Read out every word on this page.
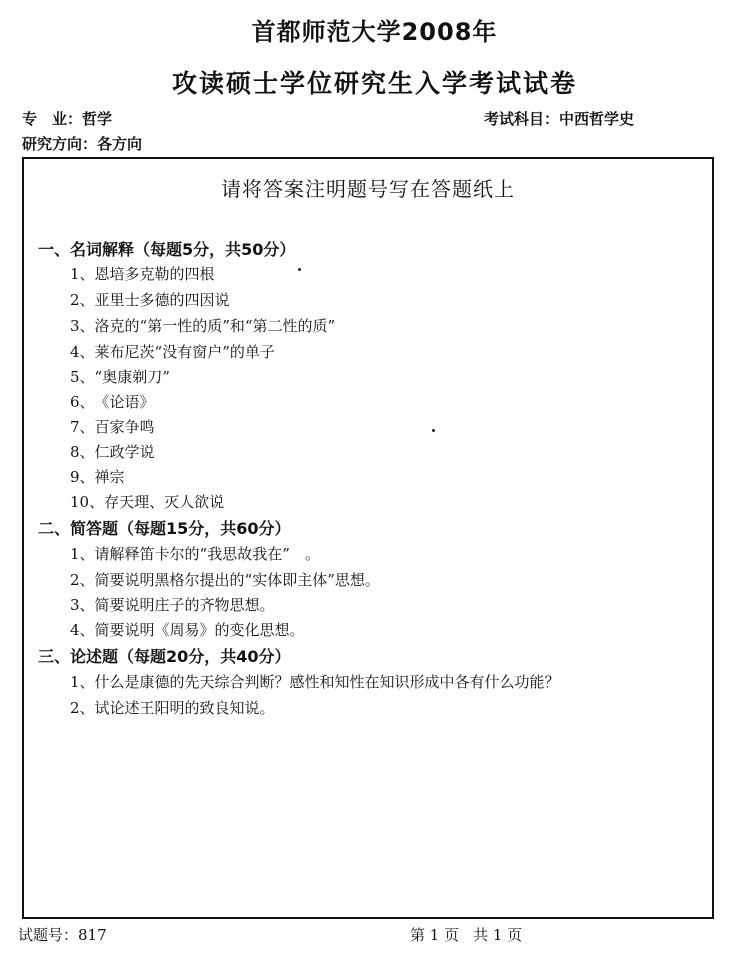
首都师范大学2008年
攻读硕士学位研究生入学考试试卷
专　业：哲学	考试科目：中西哲学史
研究方向：各方向
请将答案注明题号写在答题纸上
一、名词解释（每题5分，共50分）
1、恩培多克勒的四根
2、亚里士多德的四因说
3、洛克的“第一性的质”和“第二性的质”
4、莱布尼茨“没有窗户”的单子
5、“奥康剃刀”
6、《论语》
7、百家争鸣
8、仁政学说
9、禅宗
10、存天理、灭人欲说
二、简答题（每题15分，共60分）
1、请解释笛卡尔的“我思故我在”　。
2、简要说明黑格尔提出的“实体即主体”思想。
3、简要说明庄子的齐物思想。
4、简要说明《周易》的变化思想。
三、论述题（每题20分，共40分）
1、什么是康德的先天综合判断？感性和知性在知识形成中各有什么功能？
2、试论述王阳明的致良知说。
试题号：817	第 1 页 共 1 页
